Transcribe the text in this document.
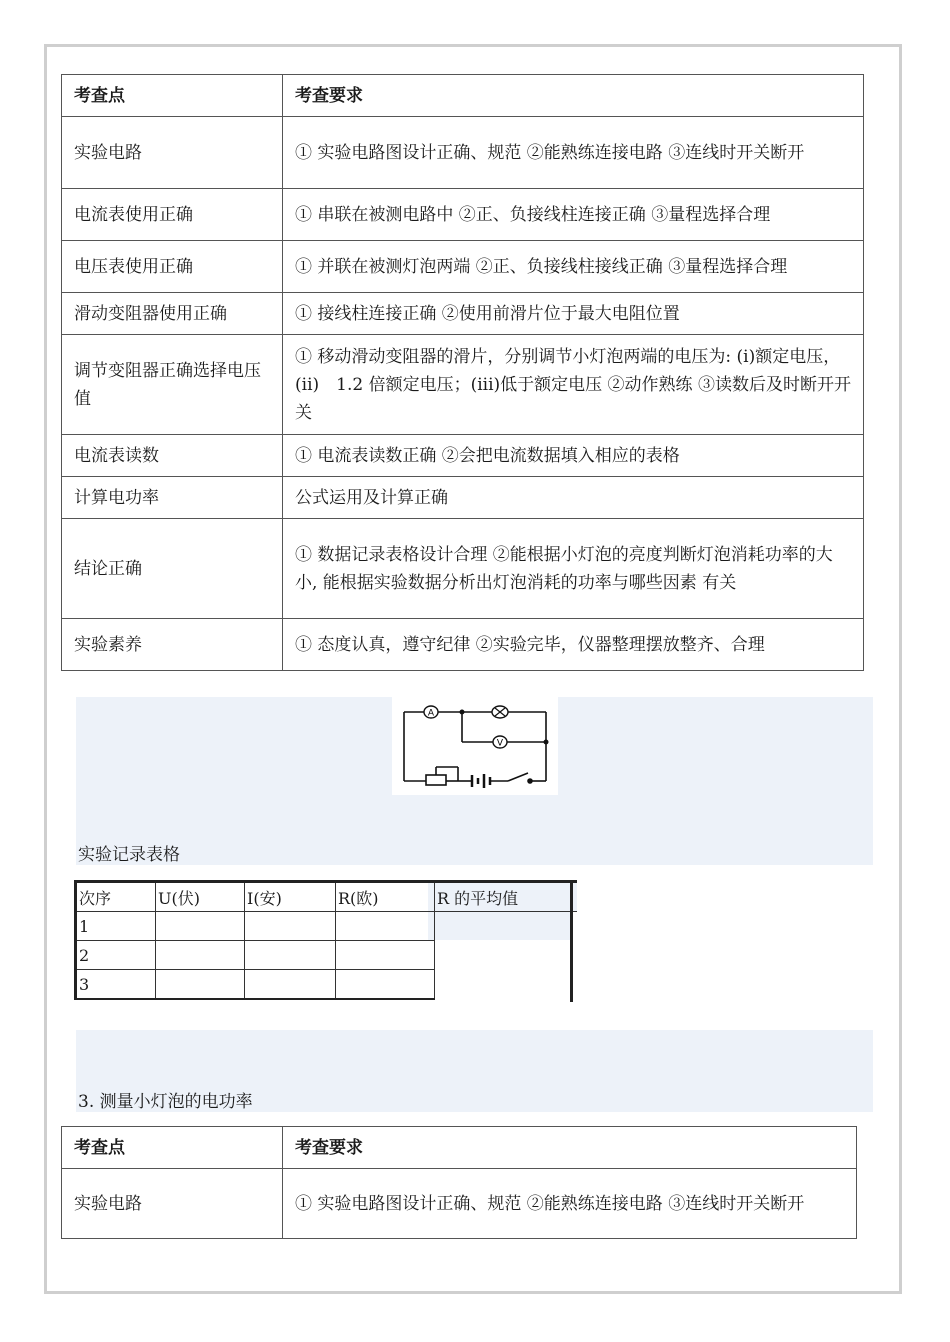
考查点	考查要求
实验电路	① 实验电路图设计正确、规范 ②能熟练连接电路 ③连线时开关断开
电流表使用正确	① 串联在被测电路中 ②正、负接线柱连接正确 ③量程选择合理
电压表使用正确	① 并联在被测灯泡两端 ②正、负接线柱接线正确 ③量程选择合理
滑动变阻器使用正确	① 接线柱连接正确 ②使用前滑片位于最大电阻位置
调节变阻器正确选择电压值	① 移动滑动变阻器的滑片，分别调节小灯泡两端的电压为: (i)额定电压，(ii)　1.2 倍额定电压；(iii)低于额定电压 ②动作熟练 ③读数后及时断开开关
电流表读数	① 电流表读数正确 ②会把电流数据填入相应的表格
计算电功率	公式运用及计算正确
结论正确	① 数据记录表格设计合理 ②能根据小灯泡的亮度判断灯泡消耗功率的大小, 能根据实验数据分析出灯泡消耗的功率与哪些因素 有关
实验素养	① 态度认真，遵守纪律 ②实验完毕，仪器整理摆放整齐、合理
A
V
实验记录表格
次序	U(伏)	I(安)	R(欧)	R 的平均值
1				
2				
3				
3. 测量小灯泡的电功率
考查点	考查要求
实验电路	① 实验电路图设计正确、规范 ②能熟练连接电路 ③连线时开关断开
